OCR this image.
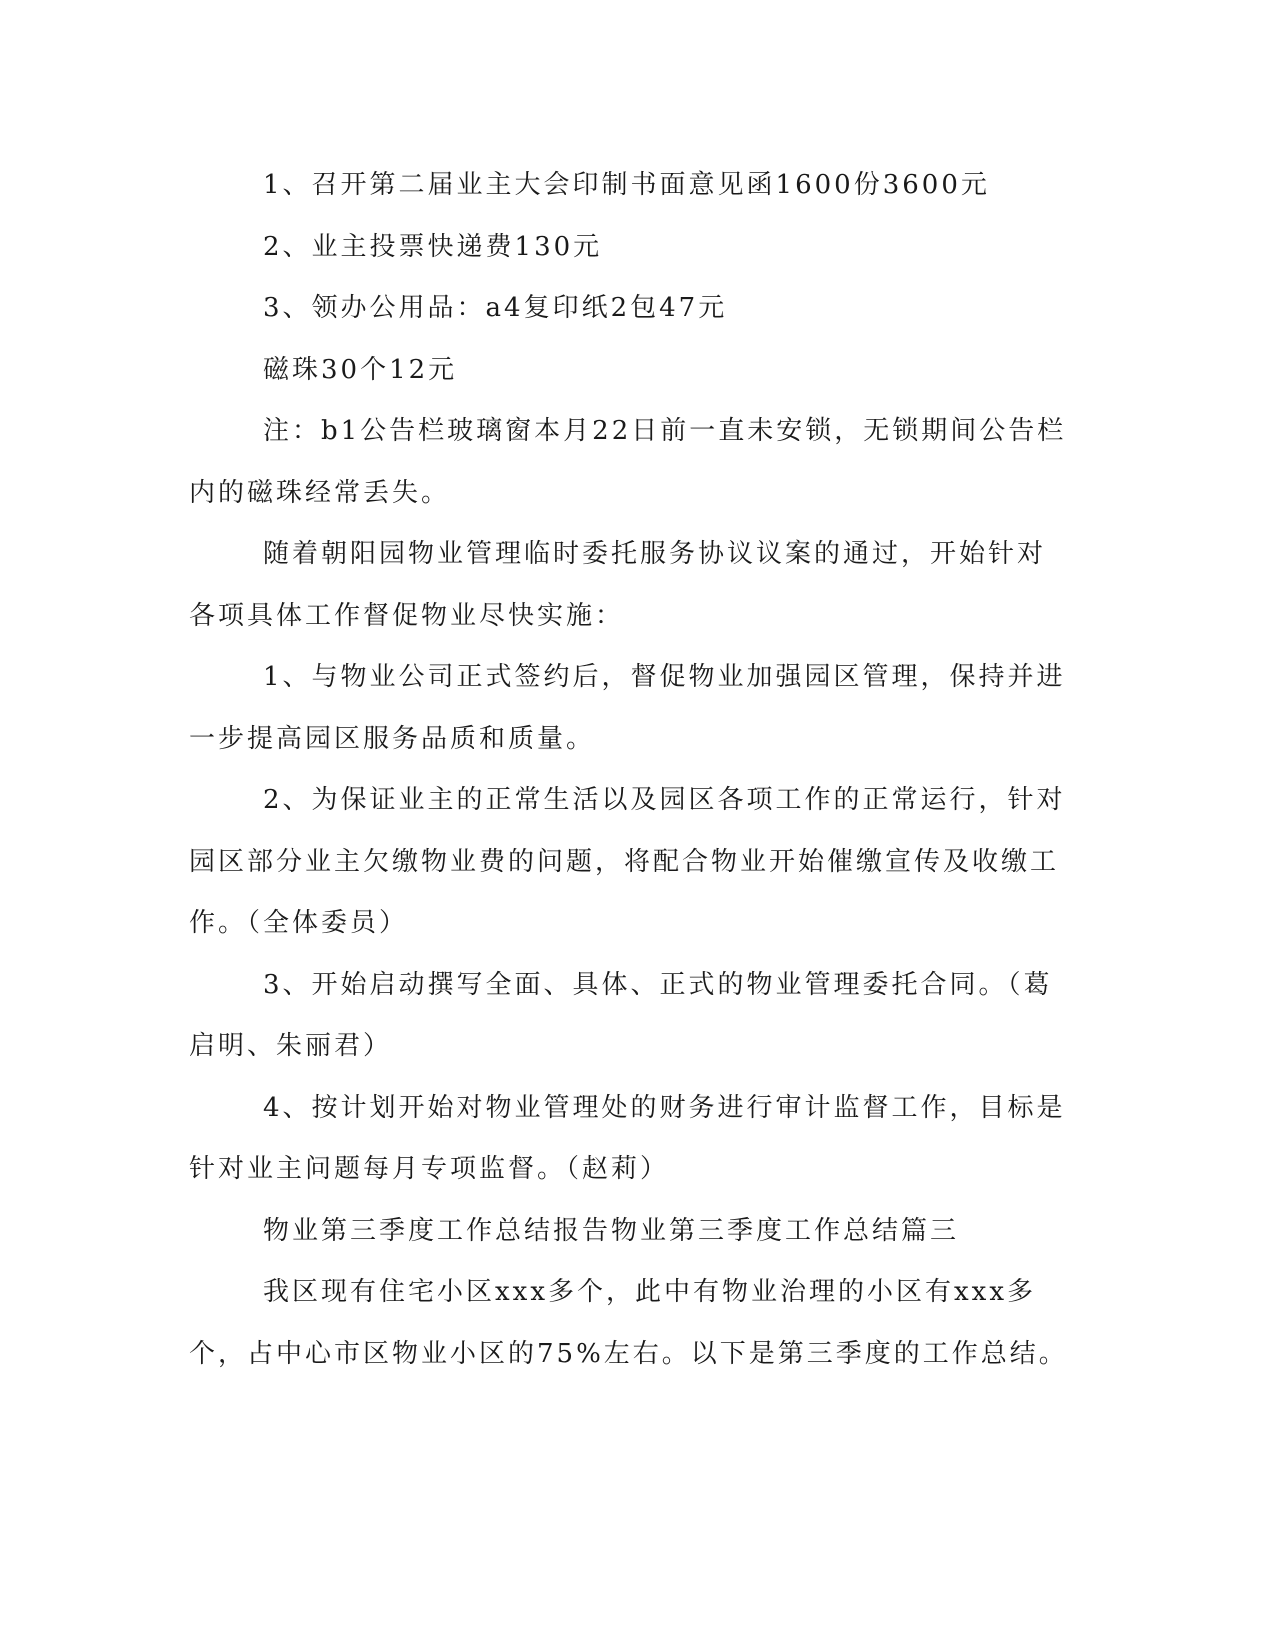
1、召开第二届业主大会印制书面意见函1600份3600元

2、业主投票快递费130元

3、领办公用品：a4复印纸2包47元

磁珠30个12元

注：b1公告栏玻璃窗本月22日前一直未安锁，无锁期间公告栏内的磁珠经常丢失。

随着朝阳园物业管理临时委托服务协议议案的通过，开始针对各项具体工作督促物业尽快实施：

1、与物业公司正式签约后，督促物业加强园区管理，保持并进一步提高园区服务品质和质量。

2、为保证业主的正常生活以及园区各项工作的正常运行，针对园区部分业主欠缴物业费的问题，将配合物业开始催缴宣传及收缴工作。（全体委员）

3、开始启动撰写全面、具体、正式的物业管理委托合同。（葛启明、朱丽君）

4、按计划开始对物业管理处的财务进行审计监督工作，目标是针对业主问题每月专项监督。（赵莉）

物业第三季度工作总结报告物业第三季度工作总结篇三

我区现有住宅小区xxx多个，此中有物业治理的小区有xxx多个，占中心市区物业小区的75%左右。以下是第三季度的工作总结。
